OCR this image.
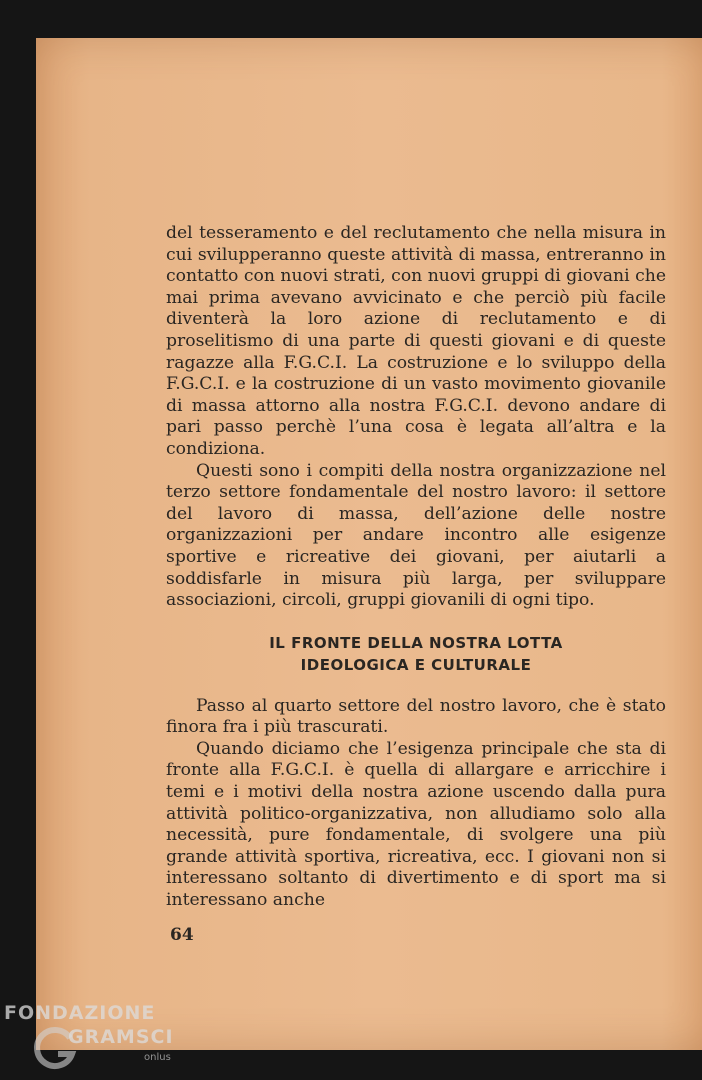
del tesseramento e del reclutamento che nella misura in cui svilupperanno queste attività di massa, entreranno in contatto con nuovi strati, con nuovi gruppi di giovani che mai prima avevano avvicinato e che perciò più facile diventerà la loro azione di reclutamento e di proselitismo di una parte di questi giovani e di queste ragazze alla F.G.C.I. La costruzione e lo sviluppo della F.G.C.I. e la costruzione di un vasto movimento giovanile di massa attorno alla nostra F.G.C.I. devono andare di pari passo perchè l’una cosa è legata all’altra e la condiziona.

Questi sono i compiti della nostra organizzazione nel terzo settore fondamentale del nostro lavoro: il settore del lavoro di massa, dell’azione delle nostre organizzazioni per andare incontro alle esigenze sportive e ricreative dei giovani, per aiutarli a soddisfarle in misura più larga, per sviluppare associazioni, circoli, gruppi giovanili di ogni tipo.

IL FRONTE DELLA NOSTRA LOTTA
IDEOLOGICA E CULTURALE

Passo al quarto settore del nostro lavoro, che è stato finora fra i più trascurati.

Quando diciamo che l’esigenza principale che sta di fronte alla F.G.C.I. è quella di allargare e arricchire i temi e i motivi della nostra azione uscendo dalla pura attività politico-organizzativa, non alludiamo solo alla necessità, pure fondamentale, di svolgere una più grande attività sportiva, ricreativa, ecc. I giovani non si interessano soltanto di divertimento e di sport ma si interessano anche

64
FONDAZIONE
GRAMSCI
onlus
